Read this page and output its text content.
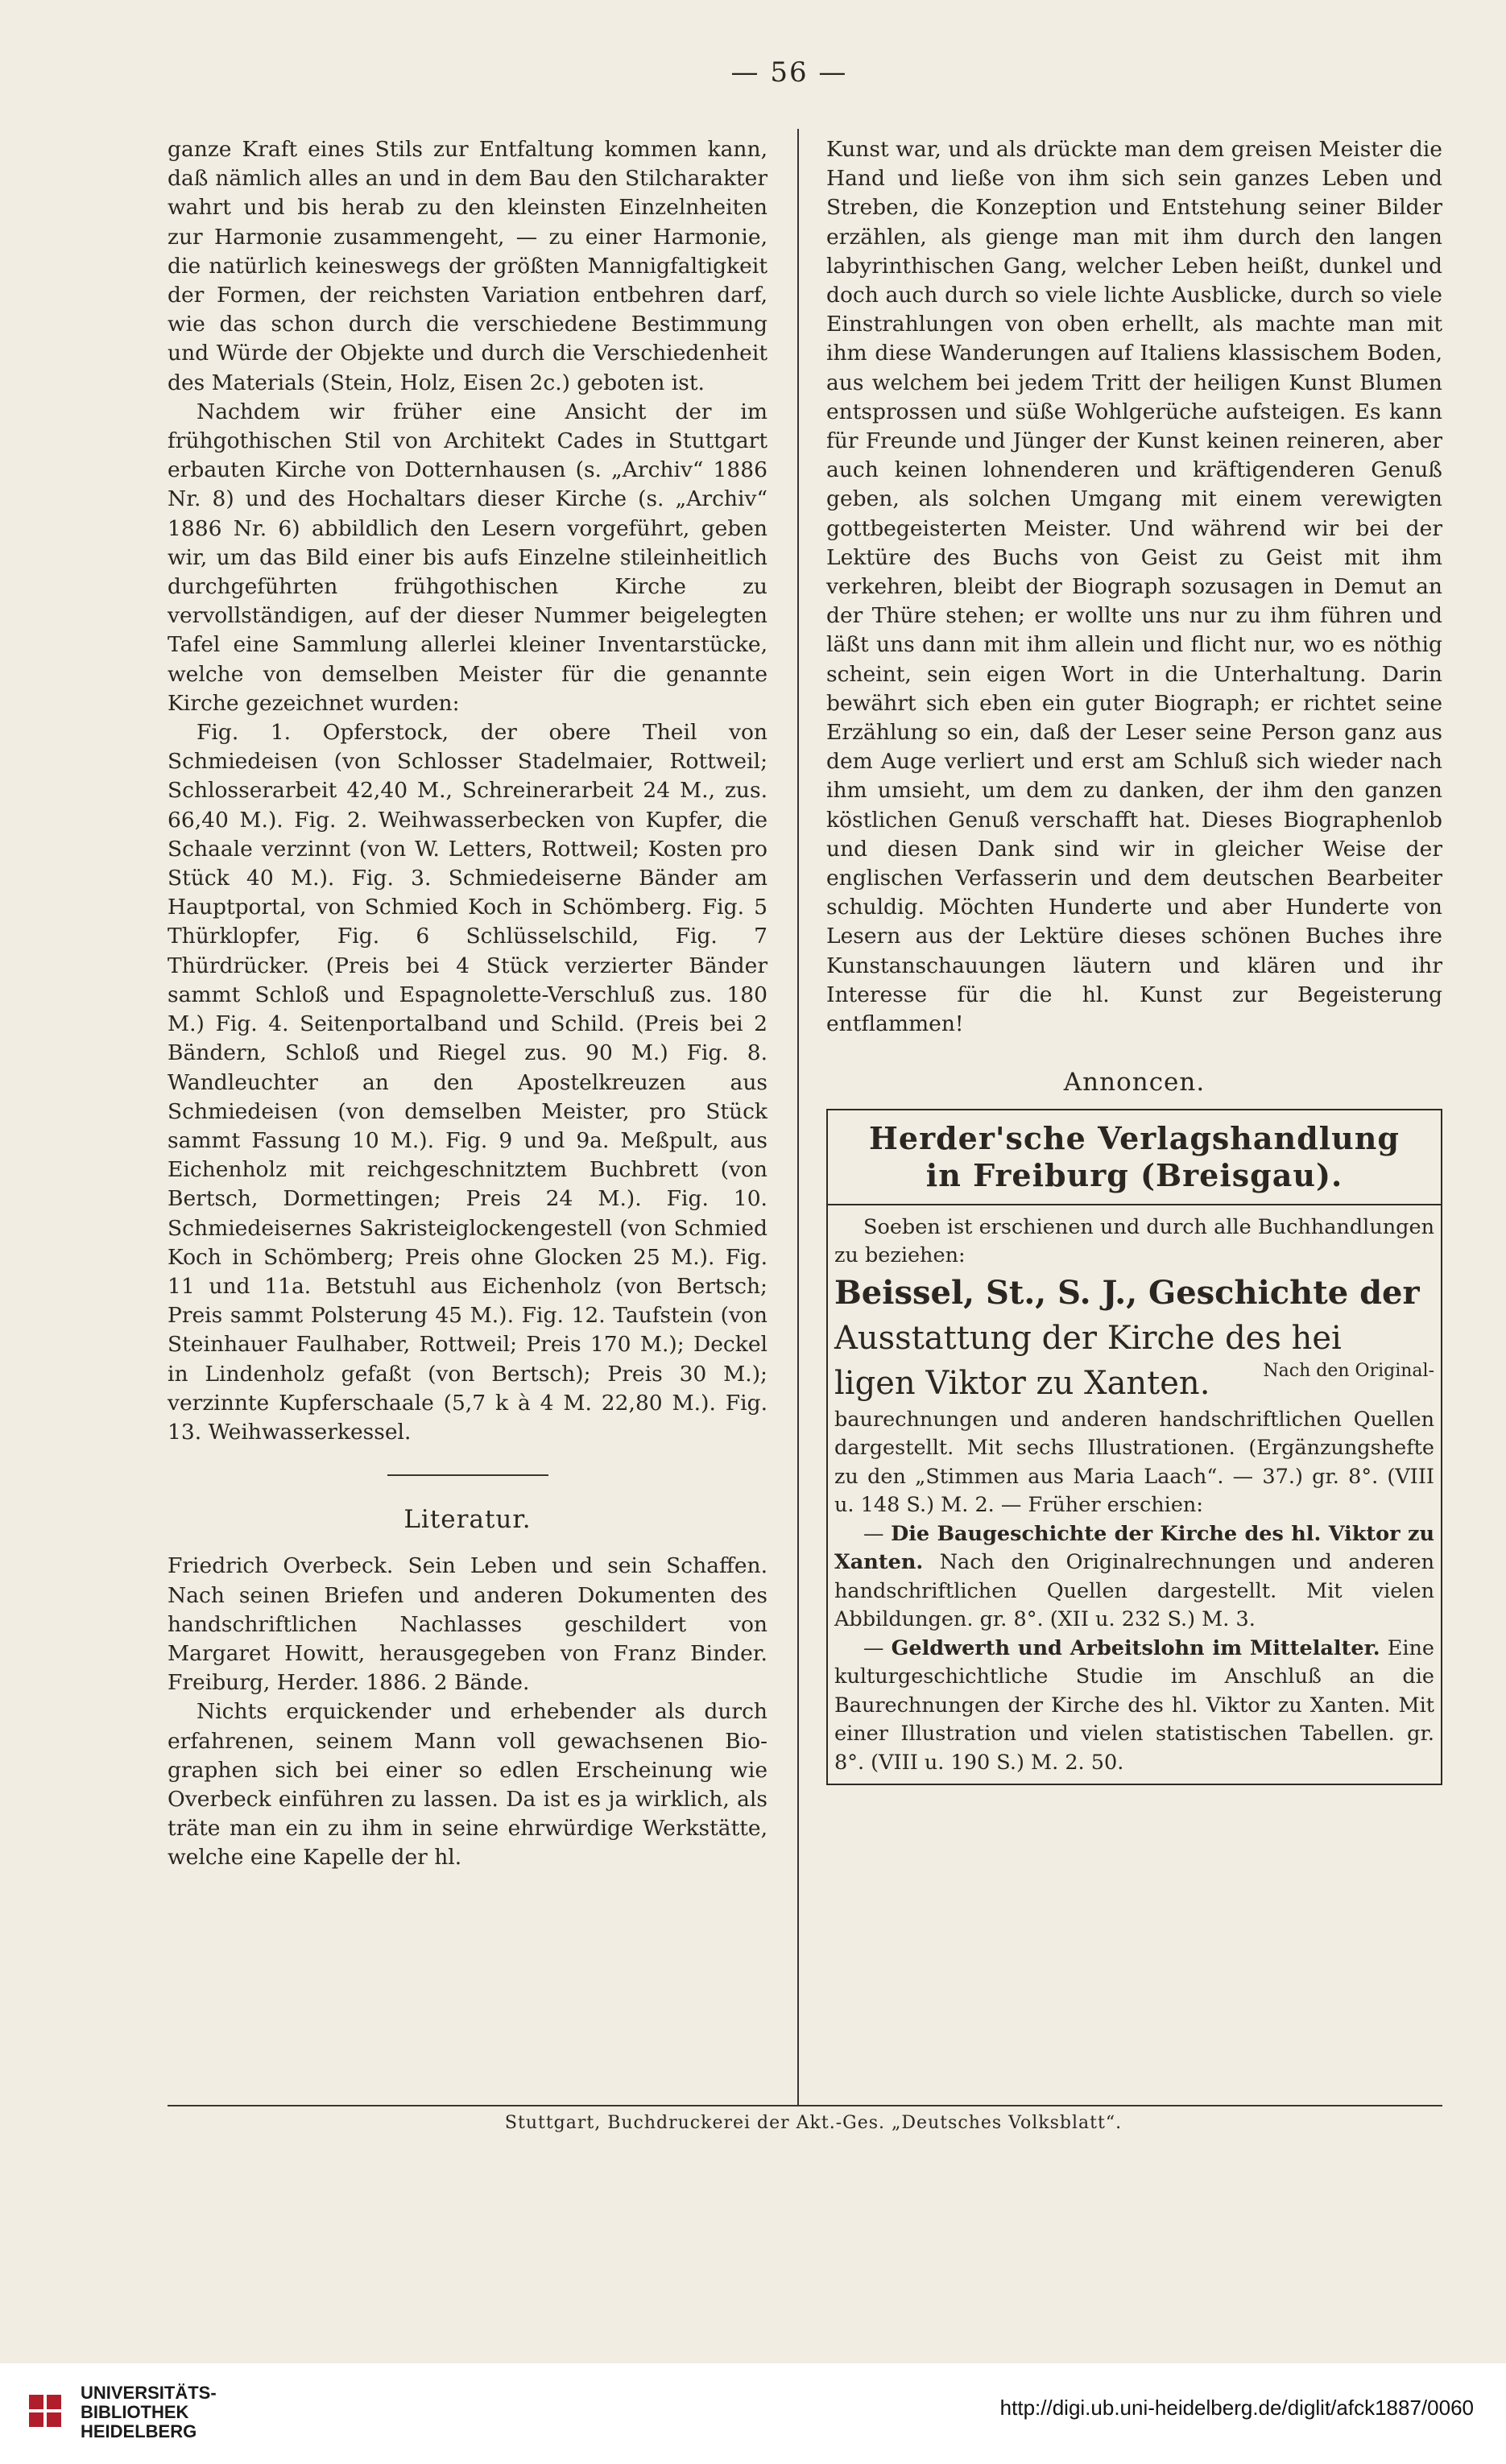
— 56 —

ganze Kraft eines Stils zur Entfaltung kommen kann, daß nämlich alles an und in dem Bau den Stilcharakter wahrt und bis herab zu den kleinsten Einzelnheiten zur Harmonie zusammengeht, — zu einer Harmonie, die natürlich keineswegs der größten Mannigfaltigkeit der Formen, der reichsten Variation entbehren darf, wie das schon durch die verschiedene Bestimmung und Würde der Objekte und durch die Verschiedenheit des Materials (Stein, Holz, Eisen 2c.) geboten ist.

Nachdem wir früher eine Ansicht der im frühgothischen Stil von Architekt Cades in Stuttgart erbauten Kirche von Dotternhausen (s. „Archiv“ 1886 Nr. 8) und des Hochaltars dieser Kirche (s. „Archiv“ 1886 Nr. 6) abbildlich den Lesern vorgeführt, geben wir, um das Bild einer bis aufs Einzelne stileinheitlich durchgeführten frühgothischen Kirche zu vervollständigen, auf der dieser Nummer beigelegten Tafel eine Sammlung allerlei kleiner Inventarstücke, welche von demselben Meister für die genannte Kirche gezeichnet wurden:

Fig. 1. Opferstock, der obere Theil von Schmiedeisen (von Schlosser Stadelmaier, Rottweil; Schlosserarbeit 42,40 M., Schreinerarbeit 24 M., zus. 66,40 M.). Fig. 2. Weihwasserbecken von Kupfer, die Schaale verzinnt (von W. Letters, Rottweil; Kosten pro Stück 40 M.). Fig. 3. Schmiedeiserne Bänder am Hauptportal, von Schmied Koch in Schömberg. Fig. 5 Thürklopfer, Fig. 6 Schlüsselschild, Fig. 7 Thürdrücker. (Preis bei 4 Stück verzierter Bänder sammt Schloß und Espagnolette-Verschluß zus. 180 M.) Fig. 4. Seitenportalband und Schild. (Preis bei 2 Bändern, Schloß und Riegel zus. 90 M.) Fig. 8. Wandleuchter an den Apostelkreuzen aus Schmiedeisen (von demselben Meister, pro Stück sammt Fassung 10 M.). Fig. 9 und 9a. Meßpult, aus Eichenholz mit reichgeschnitztem Buchbrett (von Bertsch, Dormettingen; Preis 24 M.). Fig. 10. Schmiedeisernes Sakristeiglockengestell (von Schmied Koch in Schömberg; Preis ohne Glocken 25 M.). Fig. 11 und 11a. Betstuhl aus Eichenholz (von Bertsch; Preis sammt Polsterung 45 M.). Fig. 12. Taufstein (von Steinhauer Faulhaber, Rottweil; Preis 170 M.); Deckel in Lindenholz gefaßt (von Bertsch); Preis 30 M.); verzinnte Kupferschaale (5,7 k à 4 M. 22,80 M.). Fig. 13. Weihwasserkessel.

Literatur.

Friedrich Overbeck. Sein Leben und sein Schaffen. Nach seinen Briefen und anderen Dokumenten des handschriftlichen Nachlasses geschildert von Margaret Howitt, herausgegeben von Franz Binder. Freiburg, Herder. 1886. 2 Bände.

Nichts erquickender und erhebender als durch erfahrenen, seinem Mann voll gewachsenen Biographen sich bei einer so edlen Erscheinung wie Overbeck einführen zu lassen. Da ist es ja wirklich, als träte man ein zu ihm in seine ehrwürdige Werkstätte, welche eine Kapelle der hl.

Kunst war, und als drückte man dem greisen Meister die Hand und ließe von ihm sich sein ganzes Leben und Streben, die Konzeption und Entstehung seiner Bilder erzählen, als gienge man mit ihm durch den langen labyrinthischen Gang, welcher Leben heißt, dunkel und doch auch durch so viele lichte Ausblicke, durch so viele Einstrahlungen von oben erhellt, als machte man mit ihm diese Wanderungen auf Italiens klassischem Boden, aus welchem bei jedem Tritt der heiligen Kunst Blumen entsprossen und süße Wohlgerüche aufsteigen. Es kann für Freunde und Jünger der Kunst keinen reineren, aber auch keinen lohnenderen und kräftigenderen Genuß geben, als solchen Umgang mit einem verewigten gottbegeisterten Meister. Und während wir bei der Lektüre des Buchs von Geist zu Geist mit ihm verkehren, bleibt der Biograph sozusagen in Demut an der Thüre stehen; er wollte uns nur zu ihm führen und läßt uns dann mit ihm allein und flicht nur, wo es nöthig scheint, sein eigen Wort in die Unterhaltung. Darin bewährt sich eben ein guter Biograph; er richtet seine Erzählung so ein, daß der Leser seine Person ganz aus dem Auge verliert und erst am Schluß sich wieder nach ihm umsieht, um dem zu danken, der ihm den ganzen köstlichen Genuß verschafft hat. Dieses Biographenlob und diesen Dank sind wir in gleicher Weise der englischen Verfasserin und dem deutschen Bearbeiter schuldig. Möchten Hunderte und aber Hunderte von Lesern aus der Lektüre dieses schönen Buches ihre Kunstanschauungen läutern und klären und ihr Interesse für die hl. Kunst zur Begeisterung entflammen!

Annoncen.
Herder'sche Verlagshandlung
in Freiburg (Breisgau).

Soeben ist erschienen und durch alle Buchhandlungen zu beziehen:

Beissel, St., S. J., Geschichte der
Ausstattung der Kirche des hei
Nach den Original-
ligen Viktor zu Xanten.

baurechnungen und anderen handschriftlichen Quellen dargestellt. Mit sechs Illustrationen. (Ergänzungshefte zu den „Stimmen aus Maria Laach“. — 37.) gr. 8°. (VIII u. 148 S.) M. 2. — Früher erschien:

— Die Baugeschichte der Kirche des hl. Viktor zu Xanten. Nach den Originalrechnungen und anderen handschriftlichen Quellen dargestellt. Mit vielen Abbildungen. gr. 8°. (XII u. 232 S.) M. 3.

— Geldwerth und Arbeitslohn im Mittelalter. Eine kulturgeschichtliche Studie im Anschluß an die Baurechnungen der Kirche des hl. Viktor zu Xanten. Mit einer Illustration und vielen statistischen Tabellen. gr. 8°. (VIII u. 190 S.) M. 2. 50.

Stuttgart, Buchdruckerei der Akt.-Ges. „Deutsches Volksblatt“.
UNIVERSITÄTS-
BIBLIOTHEK
HEIDELBERG
http://digi.ub.uni-heidelberg.de/diglit/afck1887/0060
